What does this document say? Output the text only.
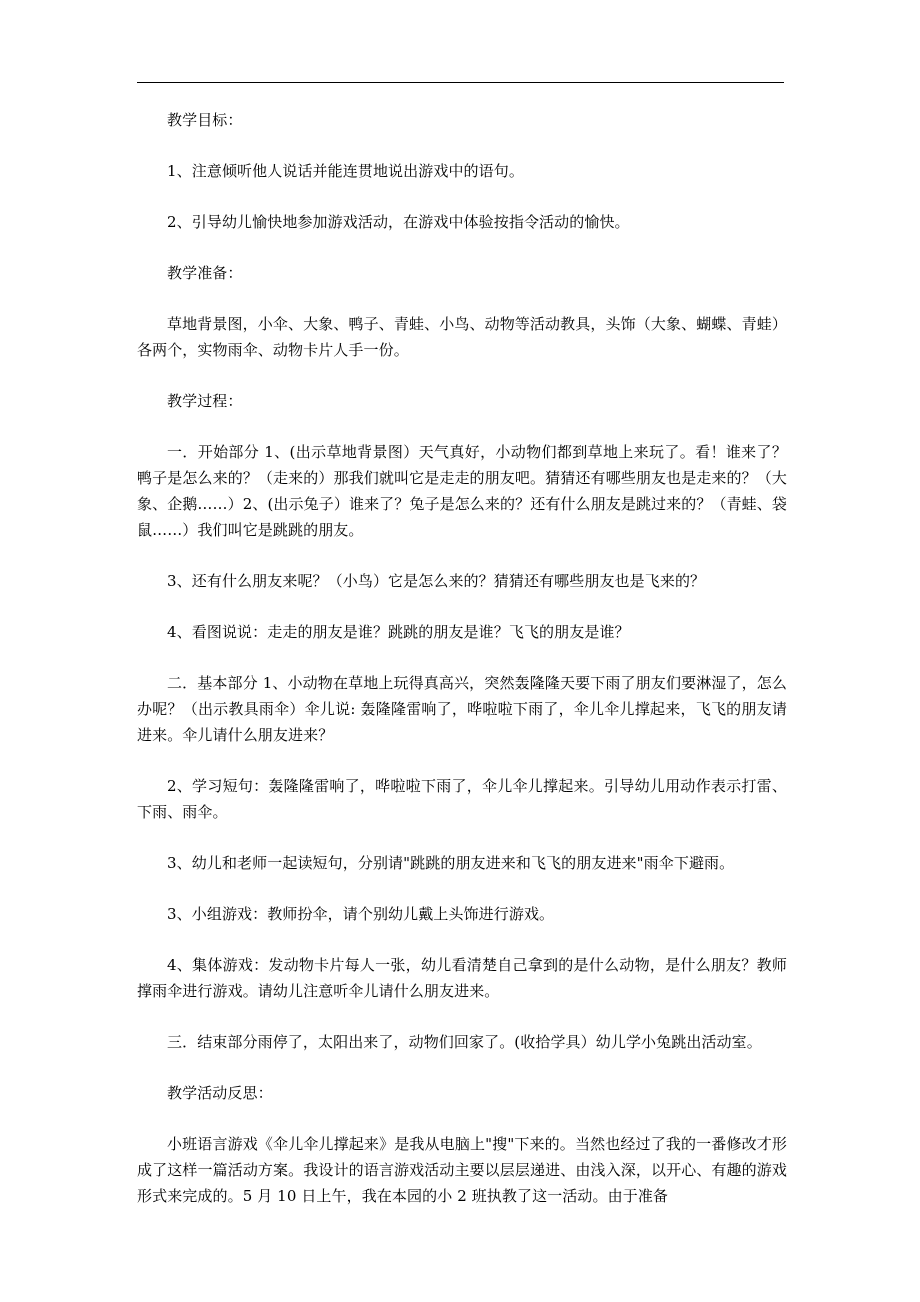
教学目标：

1、注意倾听他人说话并能连贯地说出游戏中的语句。

2、引导幼儿愉快地参加游戏活动，在游戏中体验按指令活动的愉快。

教学准备：

草地背景图，小伞、大象、鸭子、青蛙、小鸟、动物等活动教具，头饰（大象、蝴蝶、青蛙）各两个，实物雨伞、动物卡片人手一份。

教学过程：

一．开始部分 1、(出示草地背景图）天气真好，小动物们都到草地上来玩了。看！谁来了？鸭子是怎么来的？（走来的）那我们就叫它是走走的朋友吧。猜猜还有哪些朋友也是走来的？（大象、企鹅……）2、(出示兔子）谁来了？兔子是怎么来的？还有什么朋友是跳过来的？（青蛙、袋鼠……）我们叫它是跳跳的朋友。

3、还有什么朋友来呢？（小鸟）它是怎么来的？猜猜还有哪些朋友也是飞来的？

4、看图说说：走走的朋友是谁？跳跳的朋友是谁？飞飞的朋友是谁？

二．基本部分 1、小动物在草地上玩得真高兴，突然轰隆隆天要下雨了朋友们要淋湿了，怎么办呢？（出示教具雨伞）伞儿说: 轰隆隆雷响了，哗啦啦下雨了，伞儿伞儿撑起来，飞飞的朋友请进来。伞儿请什么朋友进来？

2、学习短句：轰隆隆雷响了，哗啦啦下雨了，伞儿伞儿撑起来。引导幼儿用动作表示打雷、下雨、雨伞。

3、幼儿和老师一起读短句，分别请"跳跳的朋友进来和飞飞的朋友进来"雨伞下避雨。

3、小组游戏：教师扮伞，请个别幼儿戴上头饰进行游戏。

4、集体游戏：发动物卡片每人一张，幼儿看清楚自己拿到的是什么动物，是什么朋友？教师撑雨伞进行游戏。请幼儿注意听伞儿请什么朋友进来。

三．结束部分雨停了，太阳出来了，动物们回家了。(收拾学具）幼儿学小兔跳出活动室。

教学活动反思：

小班语言游戏《伞儿伞儿撑起来》是我从电脑上"搜"下来的。当然也经过了我的一番修改才形成了这样一篇活动方案。我设计的语言游戏活动主要以层层递进、由浅入深，以开心、有趣的游戏形式来完成的。5 月 10 日上午，我在本园的小 2 班执教了这一活动。由于准备
